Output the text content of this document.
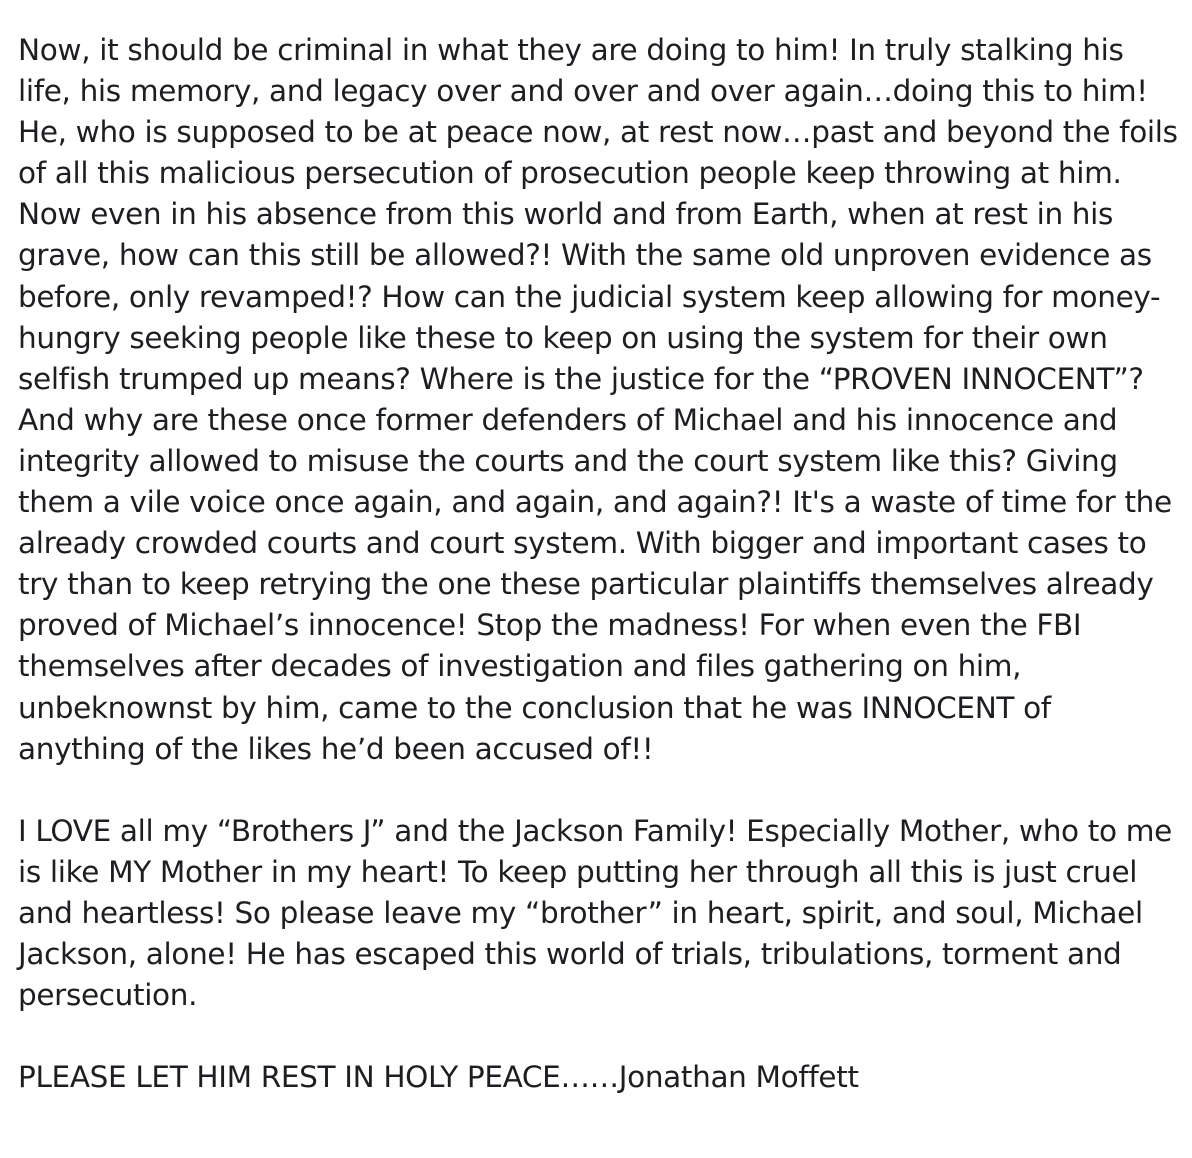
Now, it should be criminal in what they are doing to him! In truly stalking his life, his memory, and legacy over and over and over again…doing this to him! He, who is supposed to be at peace now, at rest now…past and beyond the foils of all this malicious persecution of prosecution people keep throwing at him. Now even in his absence from this world and from Earth, when at rest in his grave, how can this still be allowed?! With the same old unproven evidence as before, only revamped!? How can the judicial system keep allowing for money-hungry seeking people like these to keep on using the system for their own selfish trumped up means? Where is the justice for the “PROVEN INNOCENT”? And why are these once former defenders of Michael and his innocence and integrity allowed to misuse the courts and the court system like this? Giving them a vile voice once again, and again, and again?! It's a waste of time for the already crowded courts and court system. With bigger and important cases to try than to keep retrying the one these particular plaintiffs themselves already proved of Michael’s innocence! Stop the madness! For when even the FBI themselves after decades of investigation and files gathering on him, unbeknownst by him, came to the conclusion that he was INNOCENT of anything of the likes he’d been accused of!!

I LOVE all my “Brothers J” and the Jackson Family! Especially Mother, who to me is like MY Mother in my heart! To keep putting her through all this is just cruel and heartless! So please leave my “brother” in heart, spirit, and soul, Michael Jackson, alone! He has escaped this world of trials, tribulations, torment and persecution.

PLEASE LET HIM REST IN HOLY PEACE……Jonathan Moffett
